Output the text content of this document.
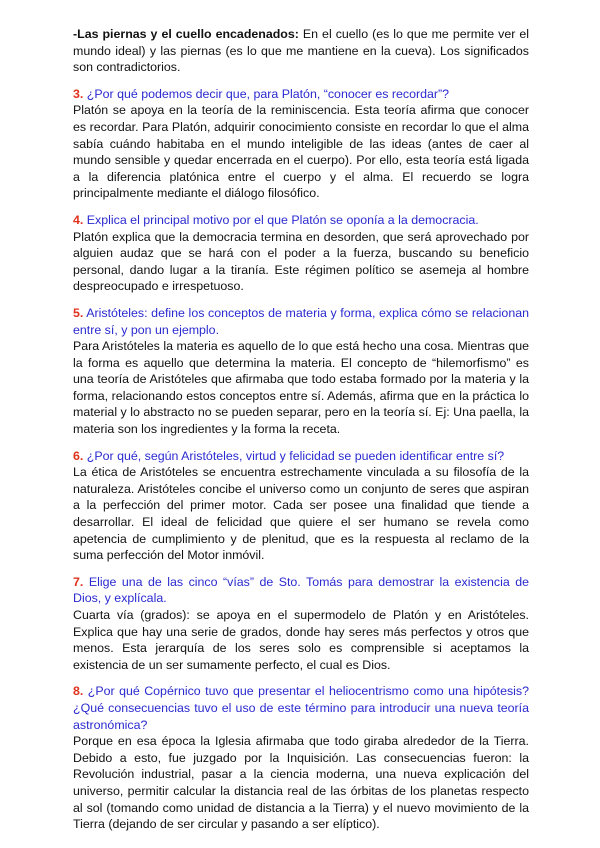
-Las piernas y el cuello encadenados: En el cuello (es lo que me permite ver el mundo ideal) y las piernas (es lo que me mantiene en la cueva). Los significados son contradictorios.

3. ¿Por qué podemos decir que, para Platón, “conocer es recordar”?

Platón se apoya en la teoría de la reminiscencia. Esta teoría afirma que conocer es recordar. Para Platón, adquirir conocimiento consiste en recordar lo que el alma sabía cuándo habitaba en el mundo inteligible de las ideas (antes de caer al mundo sensible y quedar encerrada en el cuerpo). Por ello, esta teoría está ligada a la diferencia platónica entre el cuerpo y el alma. El recuerdo se logra principalmente mediante el diálogo filosófico.

4. Explica el principal motivo por el que Platón se oponía a la democracia.

Platón explica que la democracia termina en desorden, que será aprovechado por alguien audaz que se hará con el poder a la fuerza, buscando su beneficio personal, dando lugar a la tiranía. Este régimen político se asemeja al hombre despreocupado e irrespetuoso.

5. Aristóteles: define los conceptos de materia y forma, explica cómo se relacionan entre sí, y pon un ejemplo.

Para Aristóteles la materia es aquello de lo que está hecho una cosa. Mientras que la forma es aquello que determina la materia. El concepto de “hilemorfismo” es una teoría de Aristóteles que afirmaba que todo estaba formado por la materia y la forma, relacionando estos conceptos entre sí. Además, afirma que en la práctica lo material y lo abstracto no se pueden separar, pero en la teoría sí. Ej: Una paella, la materia son los ingredientes y la forma la receta.

6. ¿Por qué, según Aristóteles, virtud y felicidad se pueden identificar entre sí?

La ética de Aristóteles se encuentra estrechamente vinculada a su filosofía de la naturaleza. Aristóteles concibe el universo como un conjunto de seres que aspiran a la perfección del primer motor. Cada ser posee una finalidad que tiende a desarrollar. El ideal de felicidad que quiere el ser humano se revela como apetencia de cumplimiento y de plenitud, que es la respuesta al reclamo de la suma perfección del Motor inmóvil.

7. Elige una de las cinco “vías” de Sto. Tomás para demostrar la existencia de Dios, y explícala.

Cuarta vía (grados): se apoya en el supermodelo de Platón y en Aristóteles. Explica que hay una serie de grados, donde hay seres más perfectos y otros que menos. Esta jerarquía de los seres solo es comprensible si aceptamos la existencia de un ser sumamente perfecto, el cual es Dios.

8. ¿Por qué Copérnico tuvo que presentar el heliocentrismo como una hipótesis? ¿Qué consecuencias tuvo el uso de este término para introducir una nueva teoría astronómica?

Porque en esa época la Iglesia afirmaba que todo giraba alrededor de la Tierra. Debido a esto, fue juzgado por la Inquisición. Las consecuencias fueron: la Revolución industrial, pasar a la ciencia moderna, una nueva explicación del universo, permitir calcular la distancia real de las órbitas de los planetas respecto al sol (tomando como unidad de distancia a la Tierra) y el nuevo movimiento de la Tierra (dejando de ser circular y pasando a ser elíptico).
